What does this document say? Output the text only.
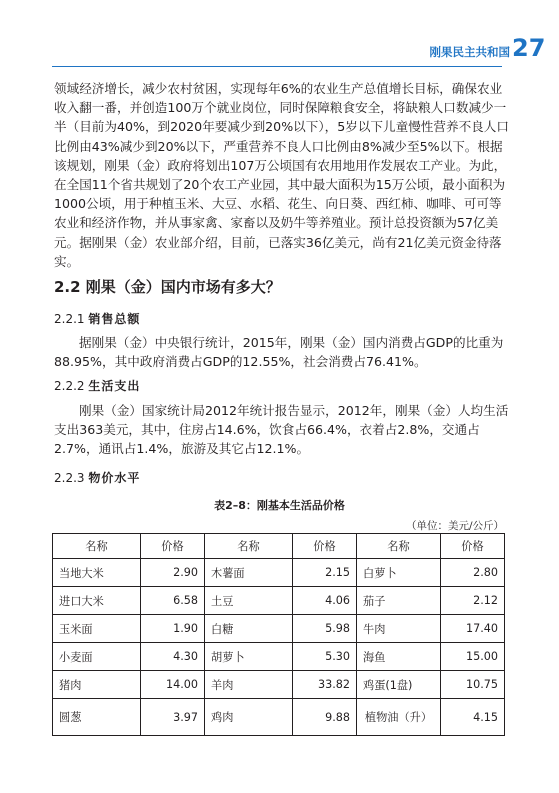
刚果民主共和国 27

领域经济增长，减少农村贫困，实现每年6%的农业生产总值增长目标，确保农业收入翻一番，并创造100万个就业岗位，同时保障粮食安全，将缺粮人口数减少一半（目前为40%，到2020年要减少到20%以下），5岁以下儿童慢性营养不良人口比例由43%减少到20%以下，严重营养不良人口比例由8%减少至5%以下。根据该规划，刚果（金）政府将划出107万公顷国有农用地用作发展农工产业。为此，在全国11个省共规划了20个农工产业园，其中最大面积为15万公顷，最小面积为1000公顷，用于种植玉米、大豆、水稻、花生、向日葵、西红柿、咖啡、可可等农业和经济作物，并从事家禽、家畜以及奶牛等养殖业。预计总投资额为57亿美元。据刚果（金）农业部介绍，目前，已落实36亿美元，尚有21亿美元资金待落实。

2.2 刚果（金）国内市场有多大？
2.2.1 销售总额

据刚果（金）中央银行统计，2015年，刚果（金）国内消费占GDP的比重为88.95%，其中政府消费占GDP的12.55%，社会消费占76.41%。

2.2.2 生活支出

刚果（金）国家统计局2012年统计报告显示，2012年，刚果（金）人均生活支出363美元，其中，住房占14.6%，饮食占66.4%，衣着占2.8%，交通占2.7%，通讯占1.4%，旅游及其它占12.1%。

2.2.3 物价水平
表2–8：刚基本生活品价格
（单位：美元/公斤）
名称	价格	名称	价格	名称	价格
当地大米	2.90	木薯面	2.15	白萝卜	2.80
进口大米	6.58	土豆	4.06	茄子	2.12
玉米面	1.90	白糖	5.98	牛肉	17.40
小麦面	4.30	胡萝卜	5.30	海鱼	15.00
猪肉	14.00	羊肉	33.82	鸡蛋(1盘)	10.75
圆葱	3.97	鸡肉	9.88	植物油（升）	4.15
